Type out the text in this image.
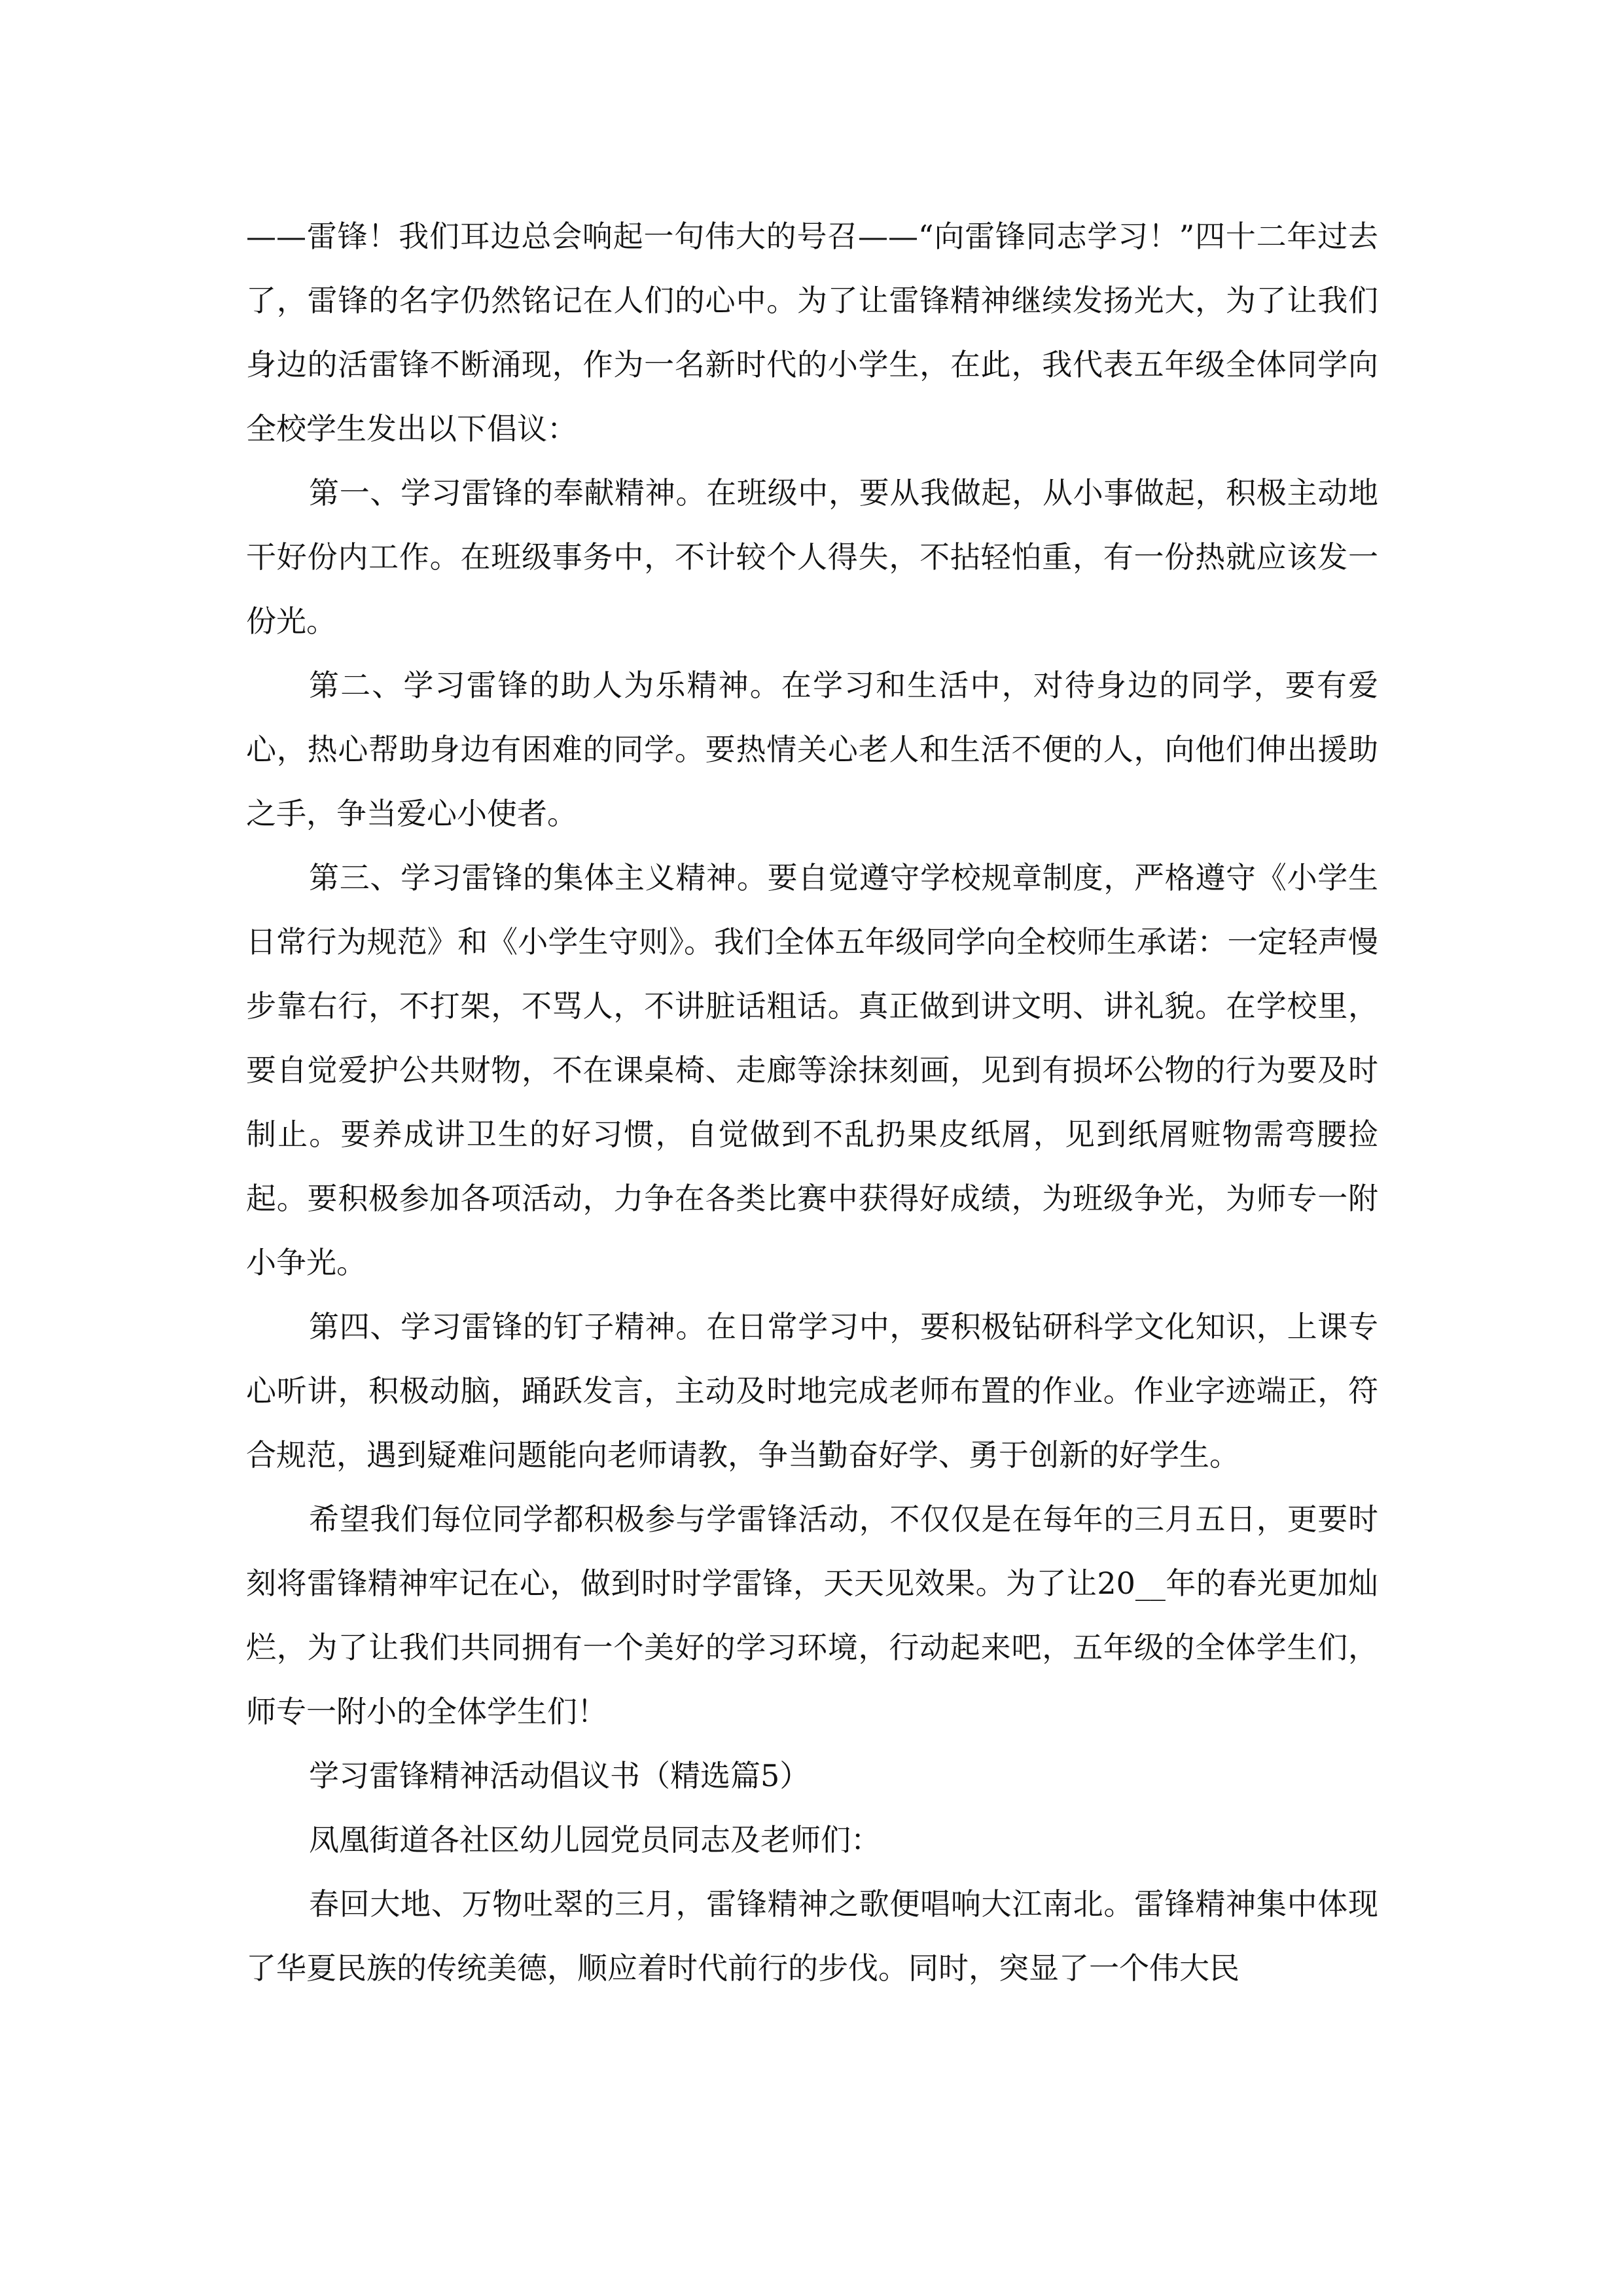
——雷锋！我们耳边总会响起一句伟大的号召——“向雷锋同志学习！”四十二年过去了，雷锋的名字仍然铭记在人们的心中。为了让雷锋精神继续发扬光大，为了让我们身边的活雷锋不断涌现，作为一名新时代的小学生，在此，我代表五年级全体同学向全校学生发出以下倡议：

第一、学习雷锋的奉献精神。在班级中，要从我做起，从小事做起，积极主动地干好份内工作。在班级事务中，不计较个人得失，不拈轻怕重，有一份热就应该发一份光。

第二、学习雷锋的助人为乐精神。在学习和生活中，对待身边的同学，要有爱心，热心帮助身边有困难的同学。要热情关心老人和生活不便的人，向他们伸出援助之手，争当爱心小使者。

第三、学习雷锋的集体主义精神。要自觉遵守学校规章制度，严格遵守《小学生日常行为规范》和《小学生守则》。我们全体五年级同学向全校师生承诺：一定轻声慢步靠右行，不打架，不骂人，不讲脏话粗话。真正做到讲文明、讲礼貌。在学校里，要自觉爱护公共财物，不在课桌椅、走廊等涂抹刻画，见到有损坏公物的行为要及时制止。要养成讲卫生的好习惯，自觉做到不乱扔果皮纸屑，见到纸屑赃物需弯腰捡起。要积极参加各项活动，力争在各类比赛中获得好成绩，为班级争光，为师专一附小争光。

第四、学习雷锋的钉子精神。在日常学习中，要积极钻研科学文化知识，上课专心听讲，积极动脑，踊跃发言，主动及时地完成老师布置的作业。作业字迹端正，符合规范，遇到疑难问题能向老师请教，争当勤奋好学、勇于创新的好学生。

希望我们每位同学都积极参与学雷锋活动，不仅仅是在每年的三月五日，更要时刻将雷锋精神牢记在心，做到时时学雷锋，天天见效果。为了让20__年的春光更加灿烂，为了让我们共同拥有一个美好的学习环境，行动起来吧，五年级的全体学生们，师专一附小的全体学生们！

学习雷锋精神活动倡议书（精选篇5）

凤凰街道各社区幼儿园党员同志及老师们：

春回大地、万物吐翠的三月，雷锋精神之歌便唱响大江南北。雷锋精神集中体现了华夏民族的传统美德，顺应着时代前行的步伐。同时，突显了一个伟大民
